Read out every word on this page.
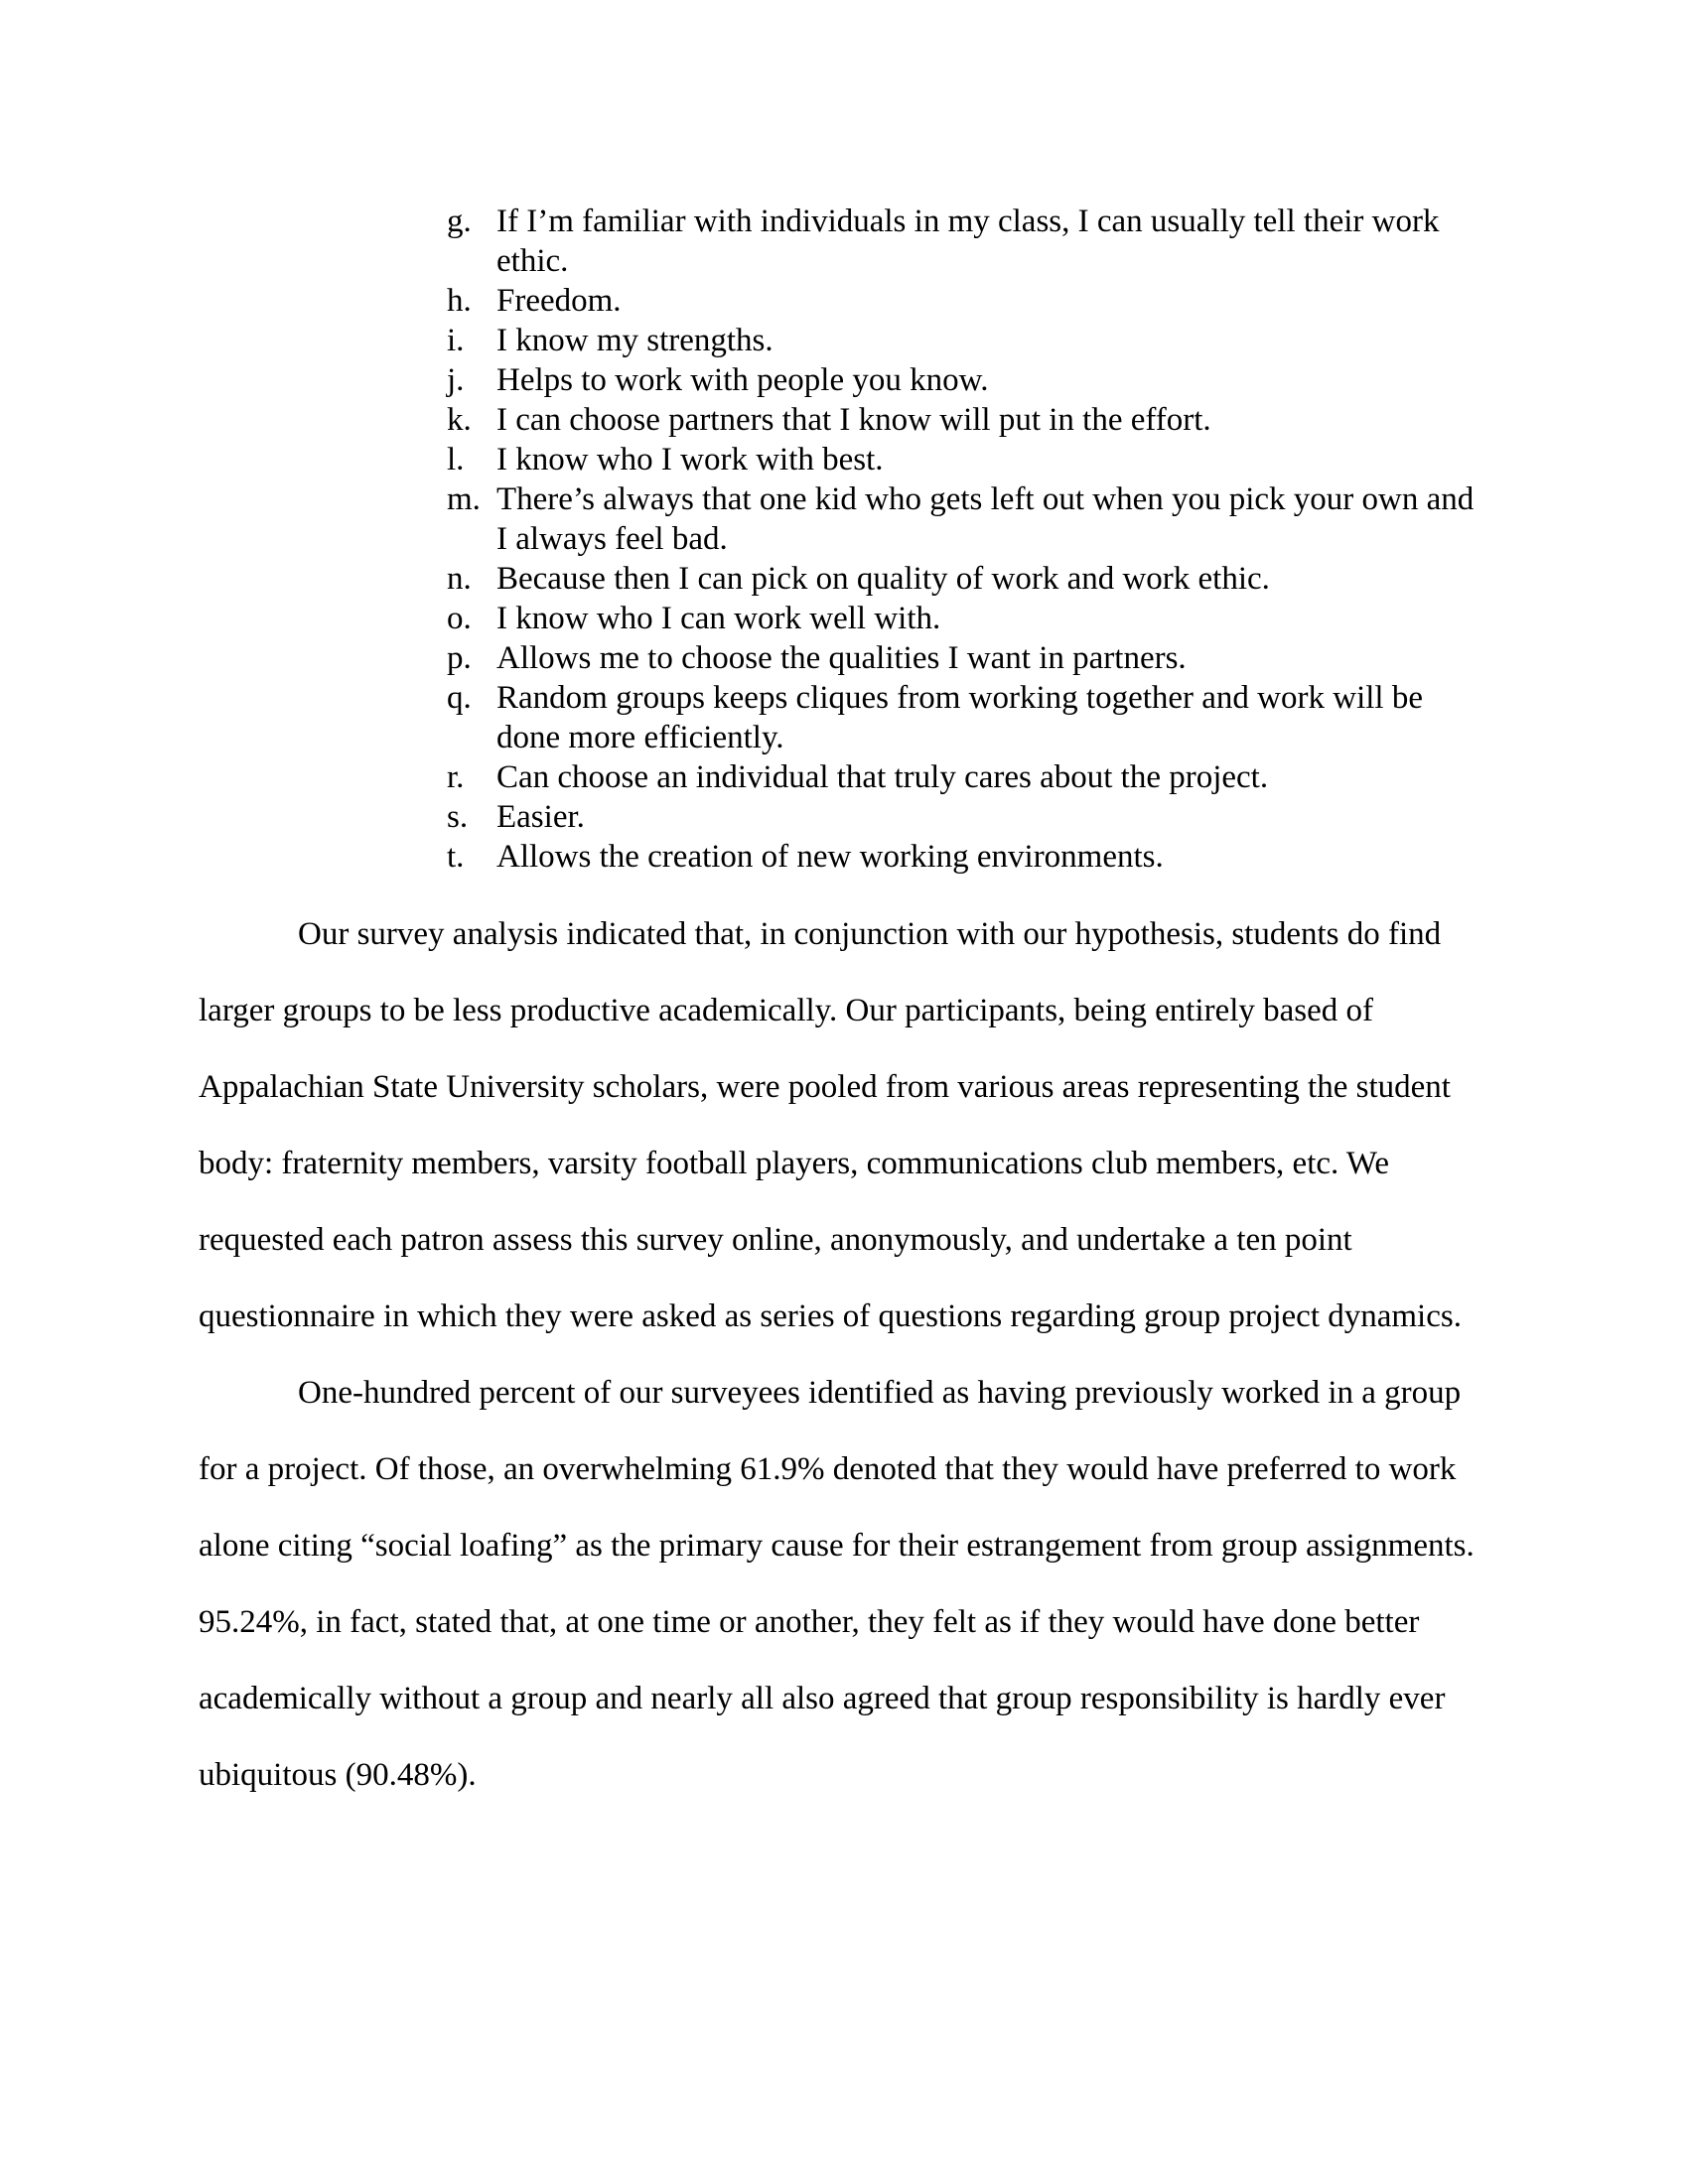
g. If I’m familiar with individuals in my class, I can usually tell their work ethic.
h. Freedom.
i. I know my strengths.
j. Helps to work with people you know.
k. I can choose partners that I know will put in the effort.
l. I know who I work with best.
m. There’s always that one kid who gets left out when you pick your own and I always feel bad.
n. Because then I can pick on quality of work and work ethic.
o. I know who I can work well with.
p. Allows me to choose the qualities I want in partners.
q. Random groups keeps cliques from working together and work will be done more efficiently.
r. Can choose an individual that truly cares about the project.
s. Easier.
t. Allows the creation of new working environments.

Our survey analysis indicated that, in conjunction with our hypothesis, students do find larger groups to be less productive academically. Our participants, being entirely based of Appalachian State University scholars, were pooled from various areas representing the student body: fraternity members, varsity football players, communications club members, etc. We requested each patron assess this survey online, anonymously, and undertake a ten point questionnaire in which they were asked as series of questions regarding group project dynamics.

One-hundred percent of our surveyees identified as having previously worked in a group for a project. Of those, an overwhelming 61.9% denoted that they would have preferred to work alone citing “social loafing” as the primary cause for their estrangement from group assignments. 95.24%, in fact, stated that, at one time or another, they felt as if they would have done better academically without a group and nearly all also agreed that group responsibility is hardly ever ubiquitous (90.48%).
